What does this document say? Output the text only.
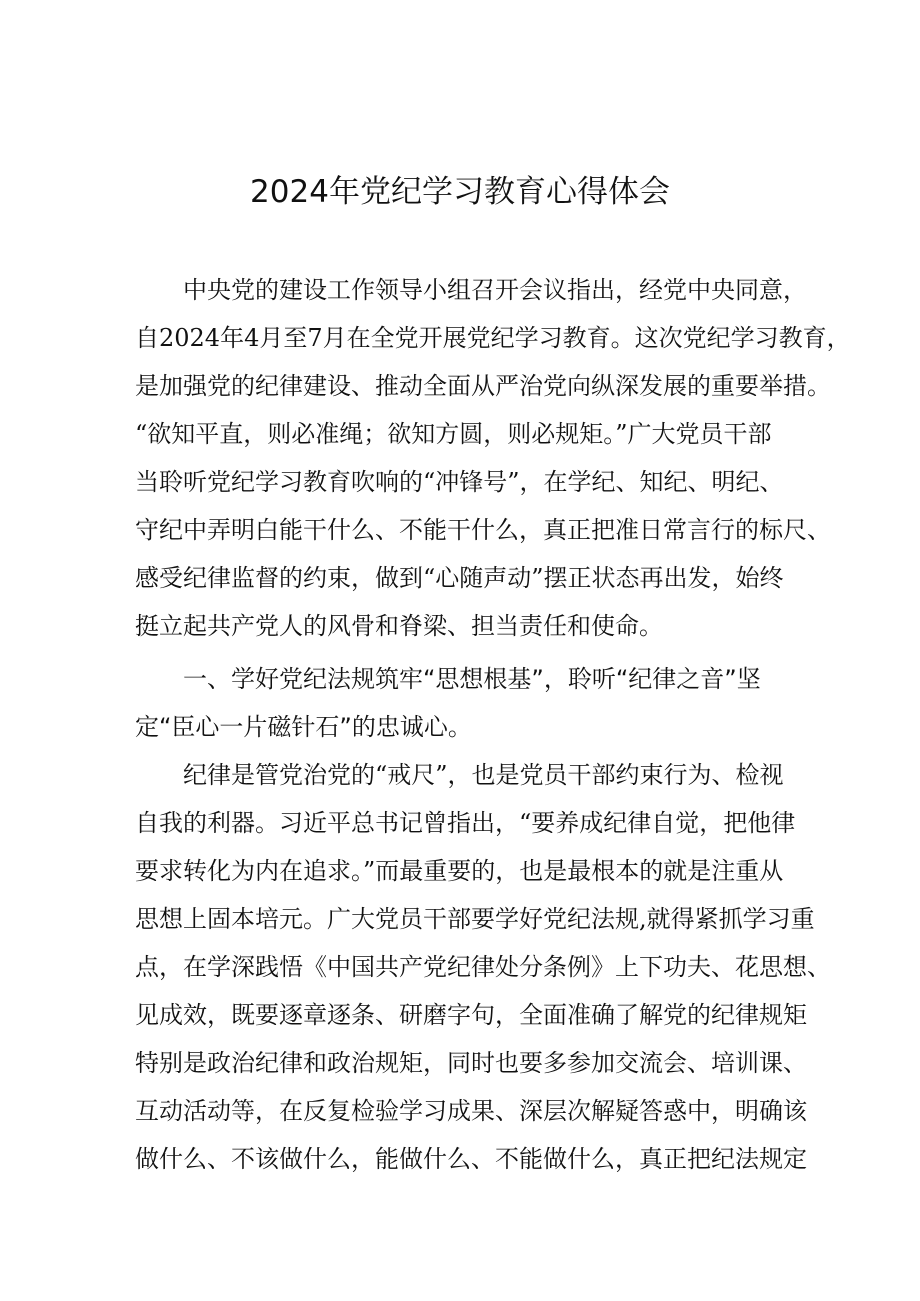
2024年党纪学习教育心得体会
中央党的建设工作领导小组召开会议指出，经党中央同意，
自2024年4月至7月在全党开展党纪学习教育。这次党纪学习教育，
是加强党的纪律建设、推动全面从严治党向纵深发展的重要举措。
“欲知平直，则必准绳；欲知方圆，则必规矩。”广大党员干部
当聆听党纪学习教育吹响的“冲锋号”，在学纪、知纪、明纪、
守纪中弄明白能干什么、不能干什么，真正把准日常言行的标尺、
感受纪律监督的约束，做到“心随声动”摆正状态再出发，始终
挺立起共产党人的风骨和脊梁、担当责任和使命。
一、学好党纪法规筑牢“思想根基”，聆听“纪律之音”坚
定“臣心一片磁针石”的忠诚心。
纪律是管党治党的“戒尺”，也是党员干部约束行为、检视
自我的利器。习近平总书记曾指出，“要养成纪律自觉，把他律
要求转化为内在追求。”而最重要的，也是最根本的就是注重从
思想上固本培元。广大党员干部要学好党纪法规,就得紧抓学习重
点，在学深践悟《中国共产党纪律处分条例》上下功夫、花思想、
见成效，既要逐章逐条、研磨字句，全面准确了解党的纪律规矩
特别是政治纪律和政治规矩，同时也要多参加交流会、培训课、
互动活动等，在反复检验学习成果、深层次解疑答惑中，明确该
做什么、不该做什么，能做什么、不能做什么，真正把纪法规定
